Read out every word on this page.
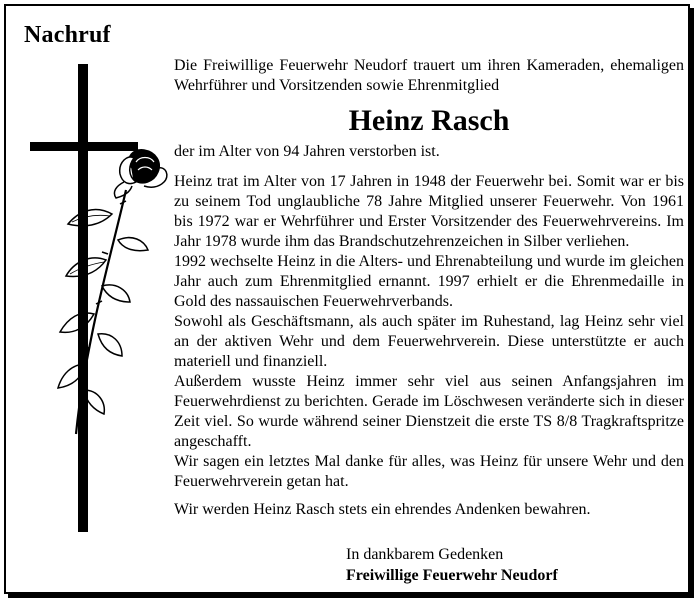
Nachruf

Die Freiwillige Feuerwehr Neudorf trauert um ihren Kameraden, ehemaligen Wehrführer und Vorsitzenden sowie Ehrenmitglied

Heinz Rasch

der im Alter von 94 Jahren verstorben ist.

Heinz trat im Alter von 17 Jahren in 1948 der Feuerwehr bei. Somit war er bis zu seinem Tod unglaubliche 78 Jahre Mitglied unserer Feuerwehr. Von 1961 bis 1972 war er Wehrführer und Erster Vorsitzender des Feuerwehrvereins. Im Jahr 1978 wurde ihm das Brandschutzehrenzeichen in Silber verliehen.

1992 wechselte Heinz in die Alters- und Ehrenabteilung und wurde im gleichen Jahr auch zum Ehrenmitglied ernannt. 1997 erhielt er die Ehrenmedaille in Gold des nassauischen Feuerwehrverbands.

Sowohl als Geschäftsmann, als auch später im Ruhestand, lag Heinz sehr viel an der aktiven Wehr und dem Feuerwehrverein. Diese unterstützte er auch materiell und finanziell.

Außerdem wusste Heinz immer sehr viel aus seinen Anfangsjahren im Feuerwehrdienst zu berichten. Gerade im Löschwesen veränderte sich in dieser Zeit viel. So wurde während seiner Dienstzeit die erste TS 8/8 Tragkraftspritze angeschafft.

Wir sagen ein letztes Mal danke für alles, was Heinz für unsere Wehr und den Feuerwehrverein getan hat.

Wir werden Heinz Rasch stets ein ehrendes Andenken bewahren.

In dankbarem Gedenken
Freiwillige Feuerwehr Neudorf
